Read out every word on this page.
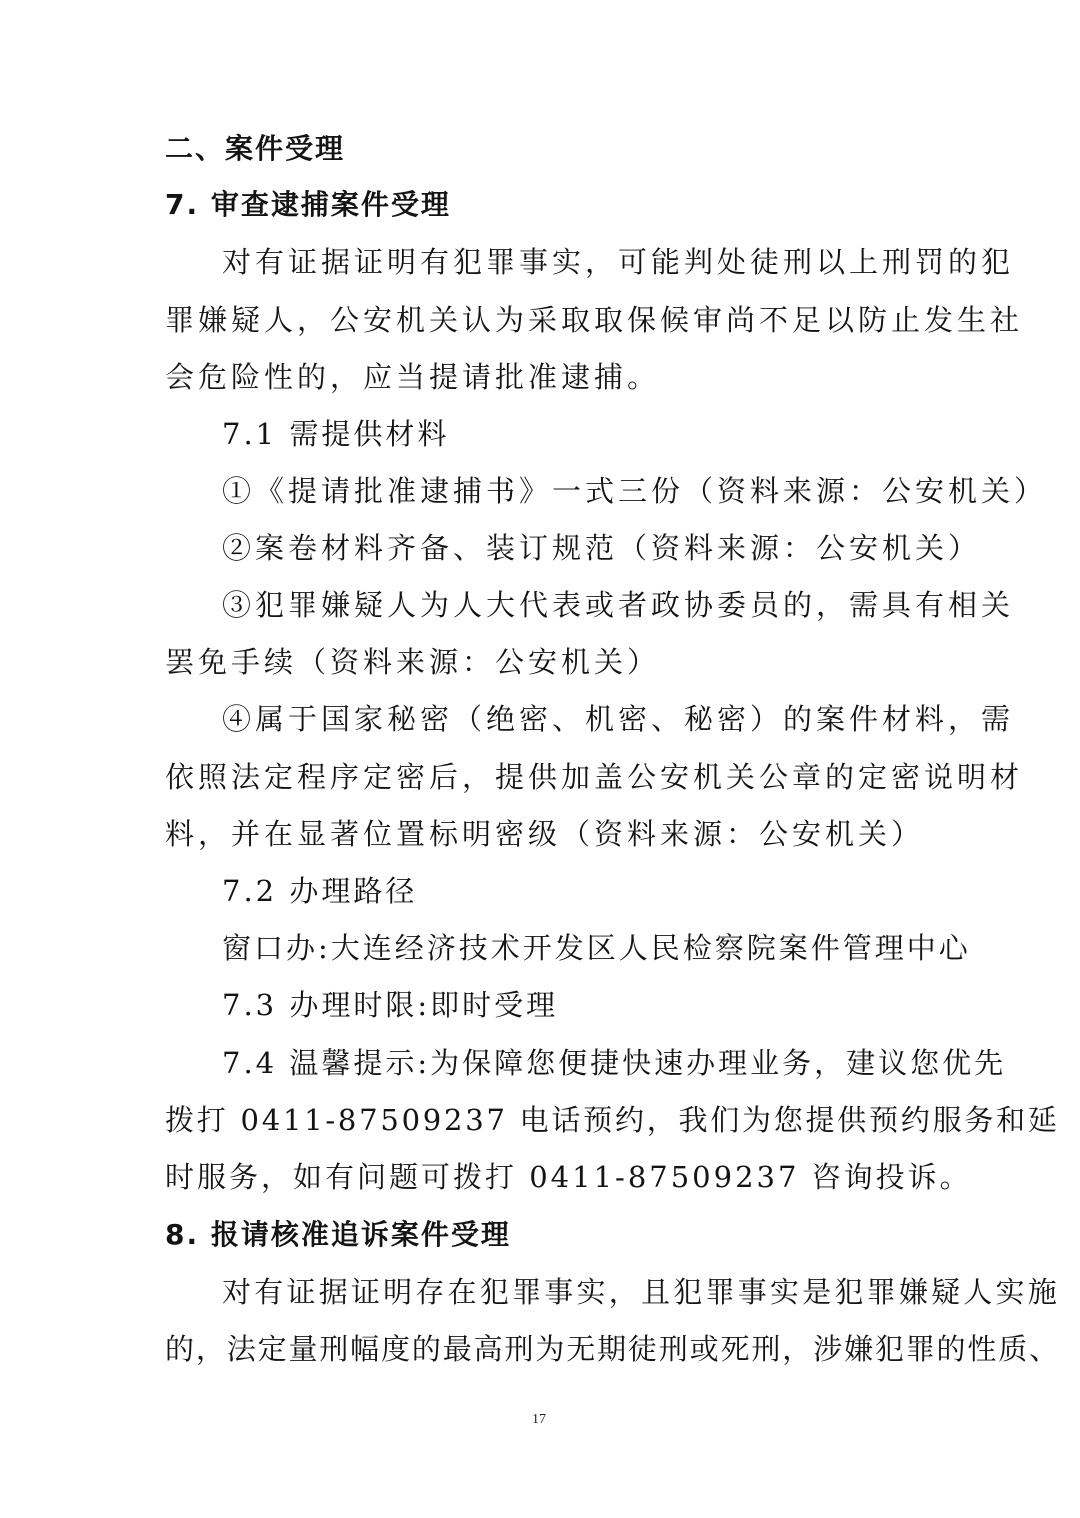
二、案件受理
7. 审查逮捕案件受理
对有证据证明有犯罪事实，可能判处徒刑以上刑罚的犯
罪嫌疑人，公安机关认为采取取保候审尚不足以防止发生社
会危险性的，应当提请批准逮捕。
7.1 需提供材料
①《提请批准逮捕书》一式三份（资料来源：公安机关）
②案卷材料齐备、装订规范（资料来源：公安机关）
③犯罪嫌疑人为人大代表或者政协委员的，需具有相关
罢免手续（资料来源：公安机关）
④属于国家秘密（绝密、机密、秘密）的案件材料，需
依照法定程序定密后，提供加盖公安机关公章的定密说明材
料，并在显著位置标明密级（资料来源：公安机关）
7.2 办理路径
窗口办:大连经济技术开发区人民检察院案件管理中心
7.3 办理时限:即时受理
7.4 温馨提示:为保障您便捷快速办理业务，建议您优先
拨打 0411-87509237 电话预约，我们为您提供预约服务和延
时服务，如有问题可拨打 0411-87509237 咨询投诉。
8. 报请核准追诉案件受理
对有证据证明存在犯罪事实，且犯罪事实是犯罪嫌疑人实施
的，法定量刑幅度的最高刑为无期徒刑或死刑，涉嫌犯罪的性质、
17
